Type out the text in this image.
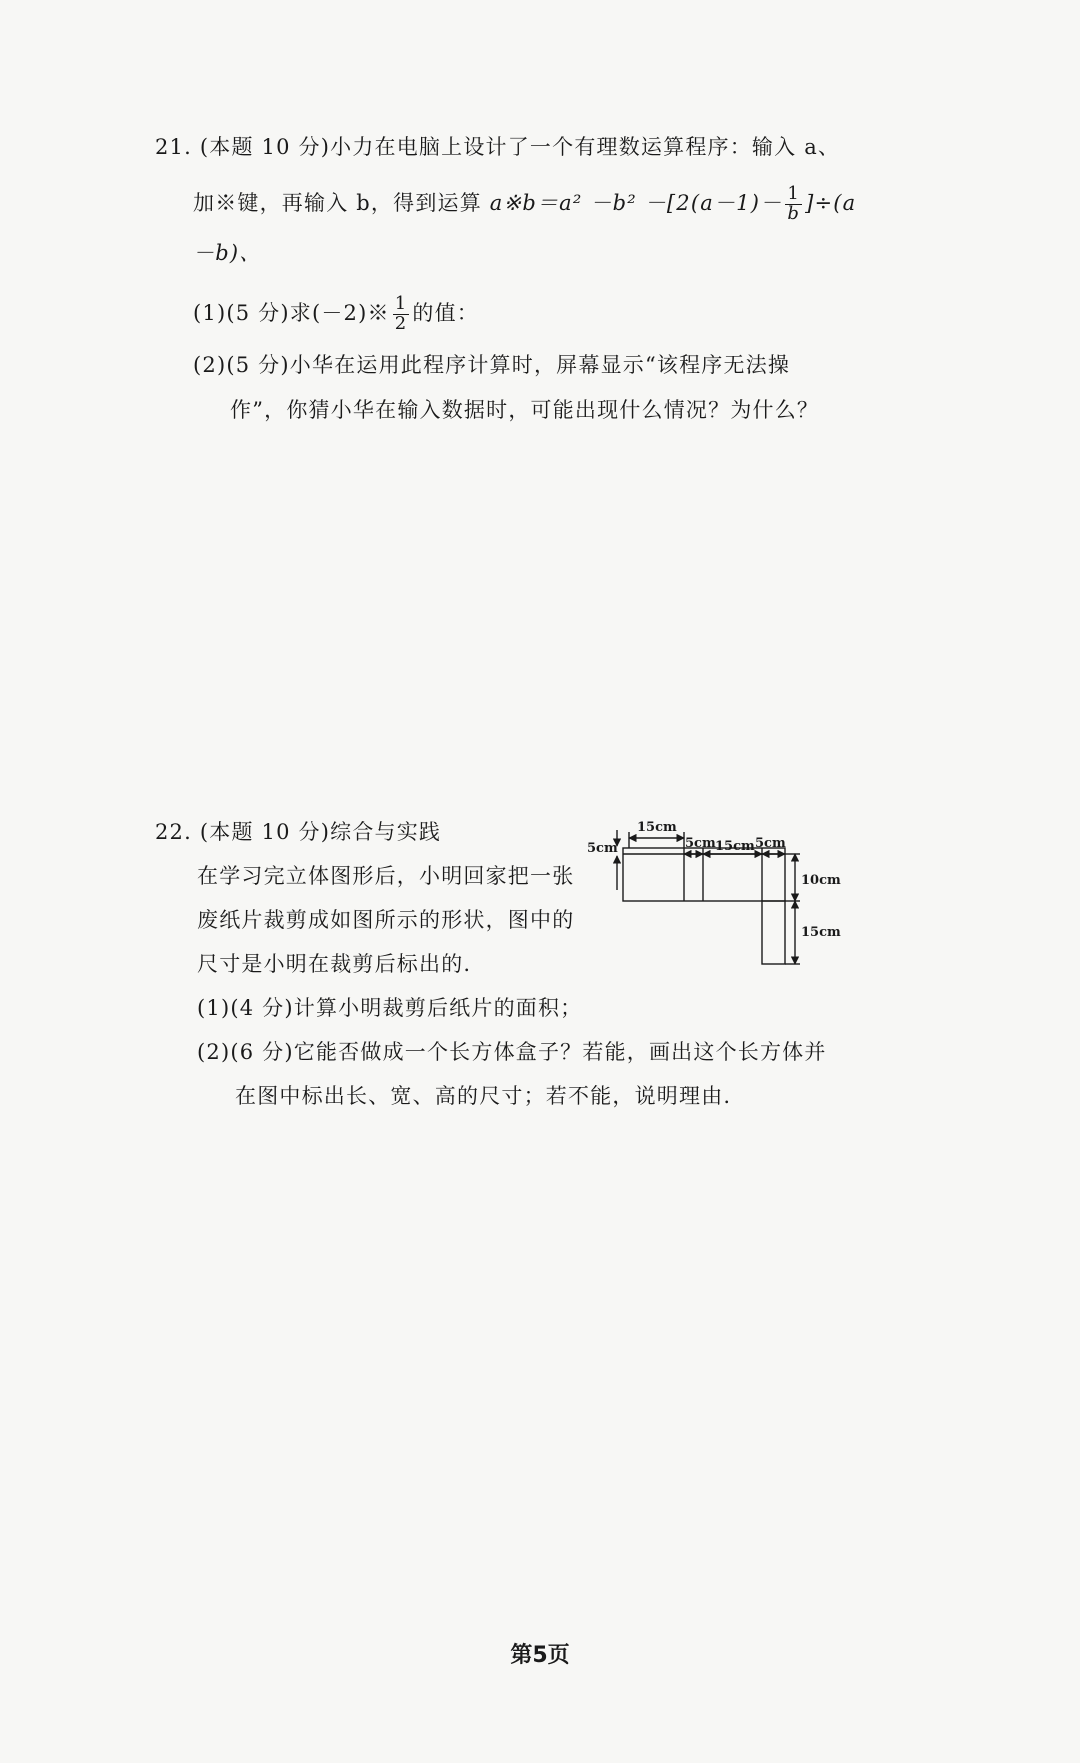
21. (本题 10 分)小力在电脑上设计了一个有理数运算程序：输入 a、
加※键，再输入 b，得到运算 a※b＝a² $-b^2 -[2(a-1)- \frac{1}{b} ]\div(a$
－b)、
(1)(5 分)求(－2)※ $\frac{1}{2}$ 的值：
(2)(5 分)小华在运用此程序计算时，屏幕显示“该程序无法操
作”，你猜小华在输入数据时，可能出现什么情况？为什么？
22. (本题 10 分)综合与实践
在学习完立体图形后，小明回家把一张
废纸片裁剪成如图所示的形状，图中的
尺寸是小明在裁剪后标出的.
(1)(4 分)计算小明裁剪后纸片的面积；
(2)(6 分)它能否做成一个长方体盒子？若能，画出这个长方体并
在图中标出长、宽、高的尺寸；若不能，说明理由.
15cm
5cm	5cm 15cm 5cm
10cm
15cm
第5页
